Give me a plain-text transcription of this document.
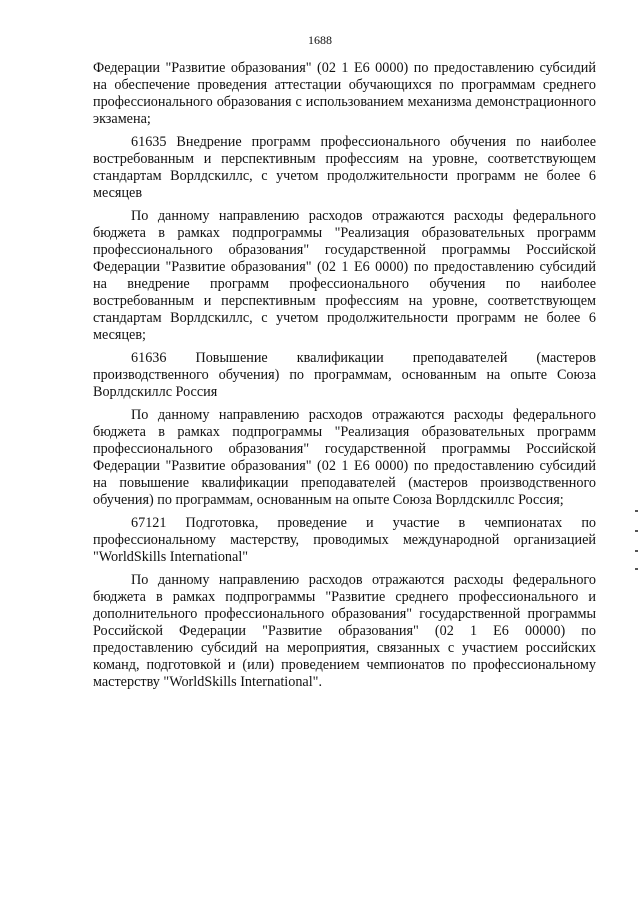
1688

Федерации "Развитие образования" (02 1 Е6 0000) по предоставлению субсидий на обеспечение проведения аттестации обучающихся по программам среднего профессионального образования с использованием механизма демонстрационного экзамена;

61635 Внедрение программ профессионального обучения по наиболее востребованным и перспективным профессиям на уровне, соответствующем стандартам Ворлдскиллс, с учетом продолжительности программ не более 6 месяцев

По данному направлению расходов отражаются расходы федерального бюджета в рамках подпрограммы "Реализация образовательных программ профессионального образования" государственной программы Российской Федерации "Развитие образования" (02 1 Е6 0000) по предоставлению субсидий на внедрение программ профессионального обучения по наиболее востребованным и перспективным профессиям на уровне, соответствующем стандартам Ворлдскиллс, с учетом продолжительности программ не более 6 месяцев;

61636 Повышение квалификации преподавателей (мастеров производственного обучения) по программам, основанным на опыте Союза Ворлдскиллс Россия

По данному направлению расходов отражаются расходы федерального бюджета в рамках подпрограммы "Реализация образовательных программ профессионального образования" государственной программы Российской Федерации "Развитие образования" (02 1 Е6 0000) по предоставлению субсидий на повышение квалификации преподавателей (мастеров производственного обучения) по программам, основанным на опыте Союза Ворлдскиллс Россия;

67121 Подготовка, проведение и участие в чемпионатах по профессиональному мастерству, проводимых международной организацией "WorldSkills International"

По данному направлению расходов отражаются расходы федерального бюджета в рамках подпрограммы "Развитие среднего профессионального и дополнительного профессионального образования" государственной программы Российской Федерации "Развитие образования" (02 1 Е6 00000) по предоставлению субсидий на мероприятия, связанных с участием российских команд, подготовкой и (или) проведением чемпионатов по профессиональному мастерству "WorldSkills International".
